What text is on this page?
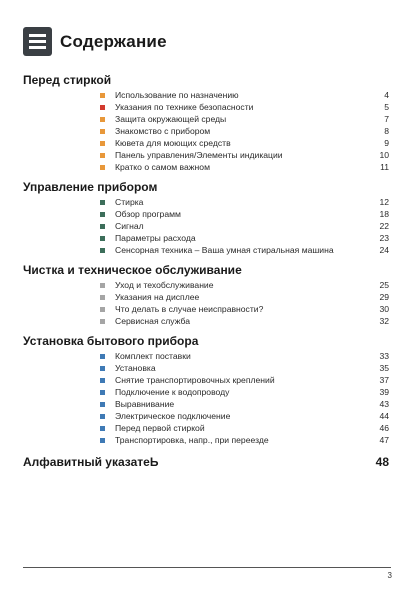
Содержание
Перед стиркой
Использование по назначению	4
Указания по технике безопасности	5
Защита окружающей среды	7
Знакомство с прибором	8
Кювета для моющих средств	9
Панель управления/Элементы индикации	10
Кратко о самом важном	11
Управление прибором
Стирка	12
Обзор программ	18
Сигнал	22
Параметры расхода	23
Сенсорная техника – Ваша умная стиральная машина	24
Чистка и техническое обслуживание
Уход и техобслуживание	25
Указания на дисплее	29
Что делать в случае неисправности?	30
Сервисная служба	32
Установка бытового прибора
Комплект поставки	33
Установка	35
Снятие транспортировочных креплений	37
Подключение к водопроводу	39
Выравнивание	43
Электрическое подключение	44
Перед первой стиркой	46
Транспортировка, напр., при переезде	47
Алфавитный указатеЬ	48
3
